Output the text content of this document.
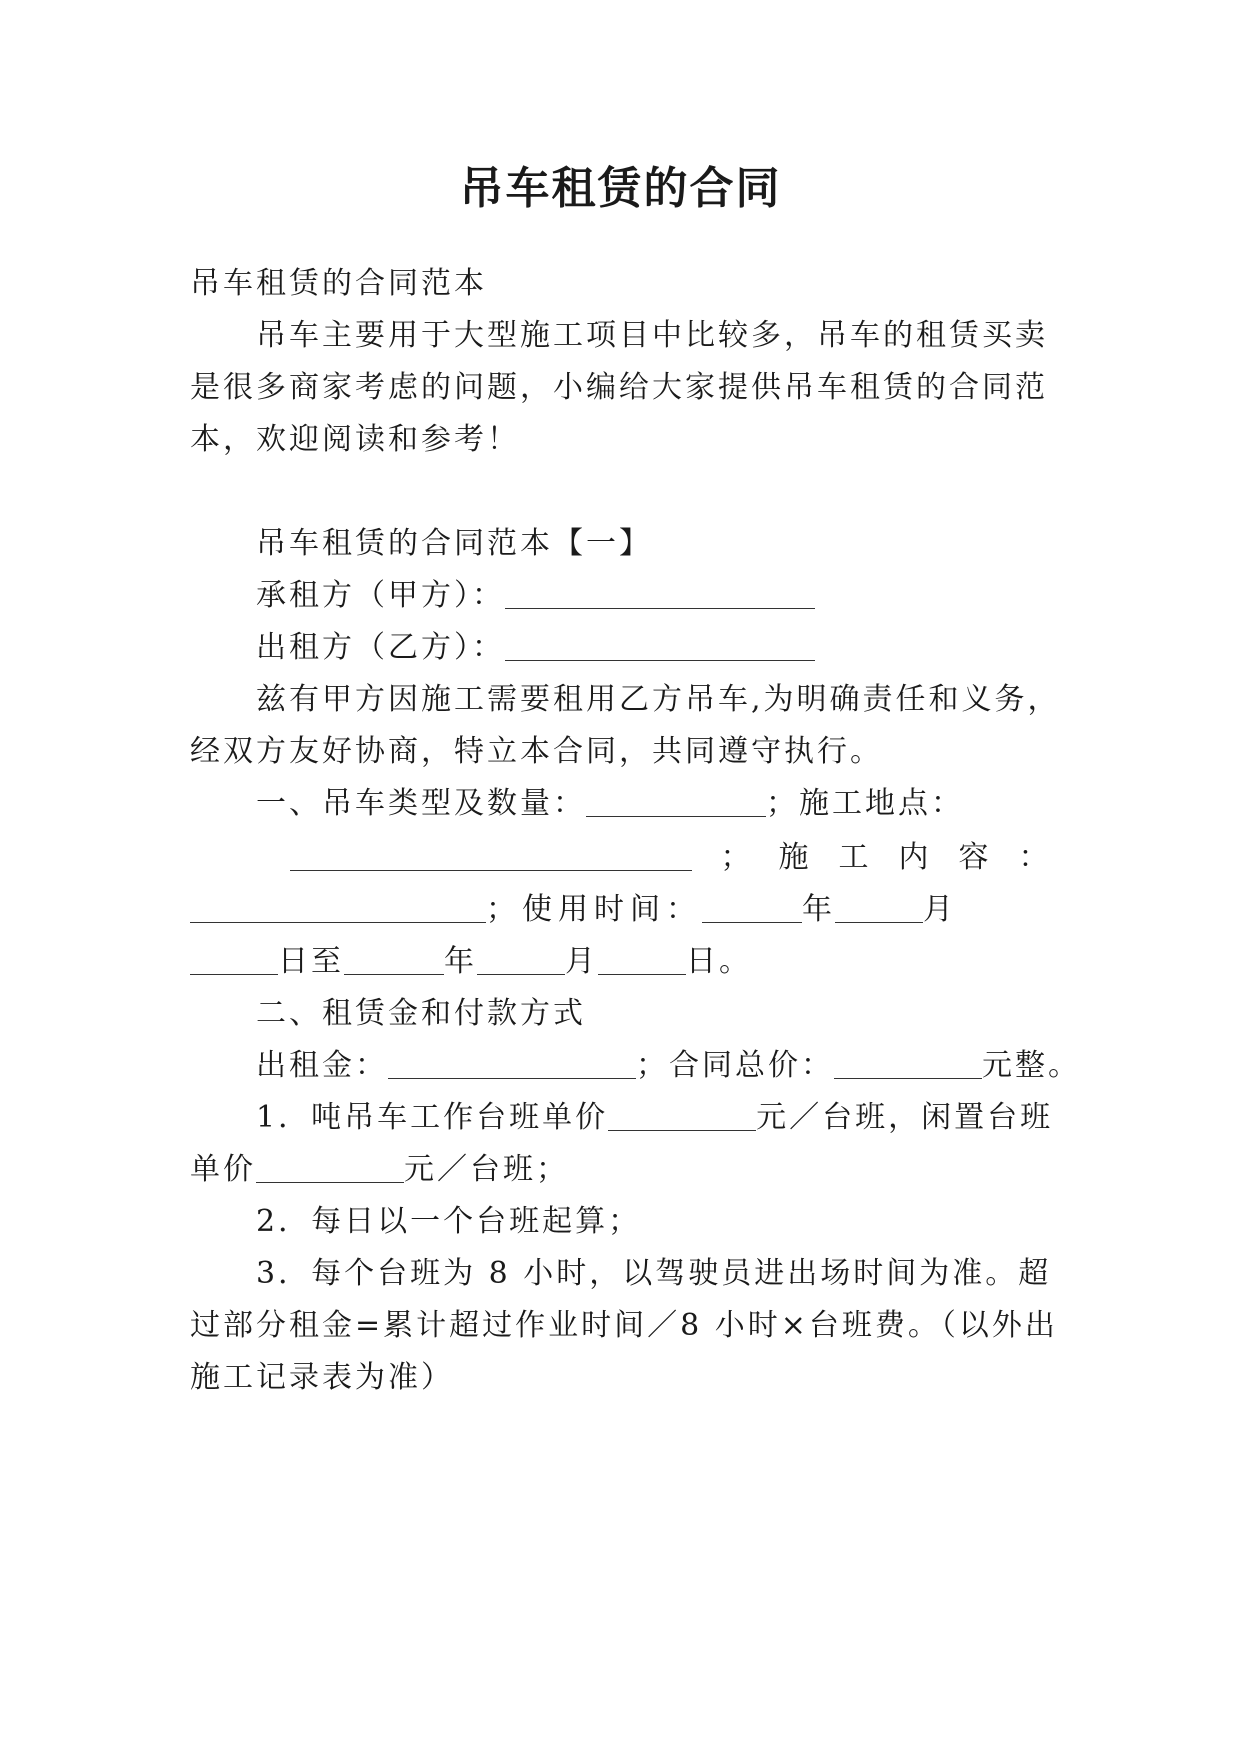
吊车租赁的合同
吊车租赁的合同范本
吊车主要用于大型施工项目中比较多，吊车的租赁买卖
是很多商家考虑的问题，小编给大家提供吊车租赁的合同范
本，欢迎阅读和参考！
吊车租赁的合同范本【一】
承租方（甲方）：
出租方（乙方）：
兹有甲方因施工需要租用乙方吊车,为明确责任和义务，
经双方友好协商，特立本合同，共同遵守执行。
一、吊车类型及数量：	；施工地点：
；施工内容：
；使用时间：	年	月
日至	年	月	日。
二、租赁金和付款方式
出租金：	；合同总价：	元整。
1．吨吊车工作台班单价	元／台班，闲置台班
单价	元／台班；
2．每日以一个台班起算；
3．每个台班为 8 小时，以驾驶员进出场时间为准。超
过部分租金=累计超过作业时间／8 小时×台班费。（以外出
施工记录表为准）
